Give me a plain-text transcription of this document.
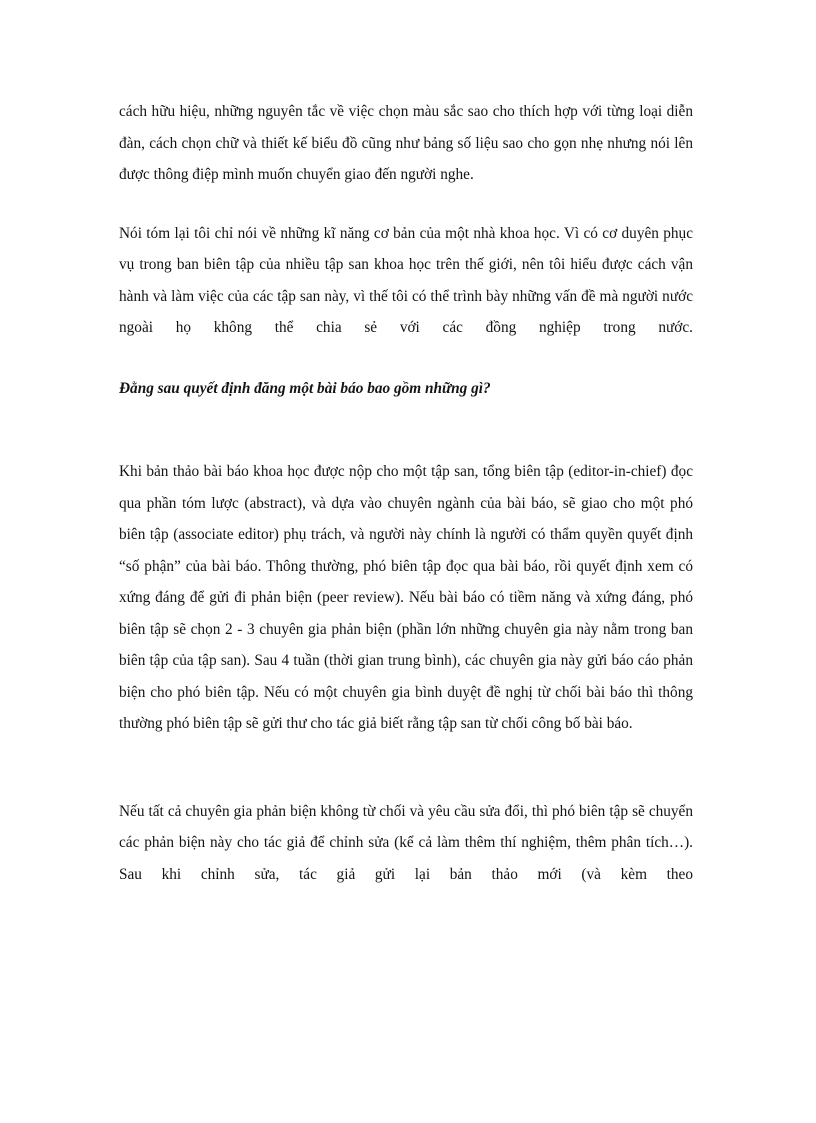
cách hữu hiệu, những nguyên tắc về việc chọn màu sắc sao cho thích hợp với từng loại diễn đàn, cách chọn chữ và thiết kế biểu đồ cũng như bảng số liệu sao cho gọn nhẹ nhưng nói lên được thông điệp mình muốn chuyển giao đến người nghe.

Nói tóm lại tôi chỉ nói về những kĩ năng cơ bản của một nhà khoa học. Vì có cơ duyên phục vụ trong ban biên tập của nhiều tập san khoa học trên thế giới, nên tôi hiểu được cách vận hành và làm việc của các tập san này, vì thế tôi có thể trình bày những vấn đề mà người nước ngoài họ không thể chia sẻ với các đồng nghiệp trong nước.

Đằng sau quyết định đăng một bài báo bao gồm những gì?

Khi bản thảo bài báo khoa học được nộp cho một tập san, tổng biên tập (editor-in-chief) đọc qua phần tóm lược (abstract), và dựa vào chuyên ngành của bài báo, sẽ giao cho một phó biên tập (associate editor) phụ trách, và người này chính là người có thẩm quyền quyết định “số phận” của bài báo. Thông thường, phó biên tập đọc qua bài báo, rồi quyết định xem có xứng đáng để gửi đi phản biện (peer review). Nếu bài báo có tiềm năng và xứng đáng, phó biên tập sẽ chọn 2 - 3 chuyên gia phản biện (phần lớn những chuyên gia này nằm trong ban biên tập của tập san). Sau 4 tuần (thời gian trung bình), các chuyên gia này gửi báo cáo phản biện cho phó biên tập. Nếu có một chuyên gia bình duyệt đề nghị từ chối bài báo thì thông thường phó biên tập sẽ gửi thư cho tác giả biết rằng tập san từ chối công bố bài báo.

Nếu tất cả chuyên gia phản biện không từ chối và yêu cầu sửa đổi, thì phó biên tập sẽ chuyển các phản biện này cho tác giả để chỉnh sửa (kể cả làm thêm thí nghiệm, thêm phân tích…). Sau khi chỉnh sửa, tác giả gửi lại bản thảo mới (và kèm theo
